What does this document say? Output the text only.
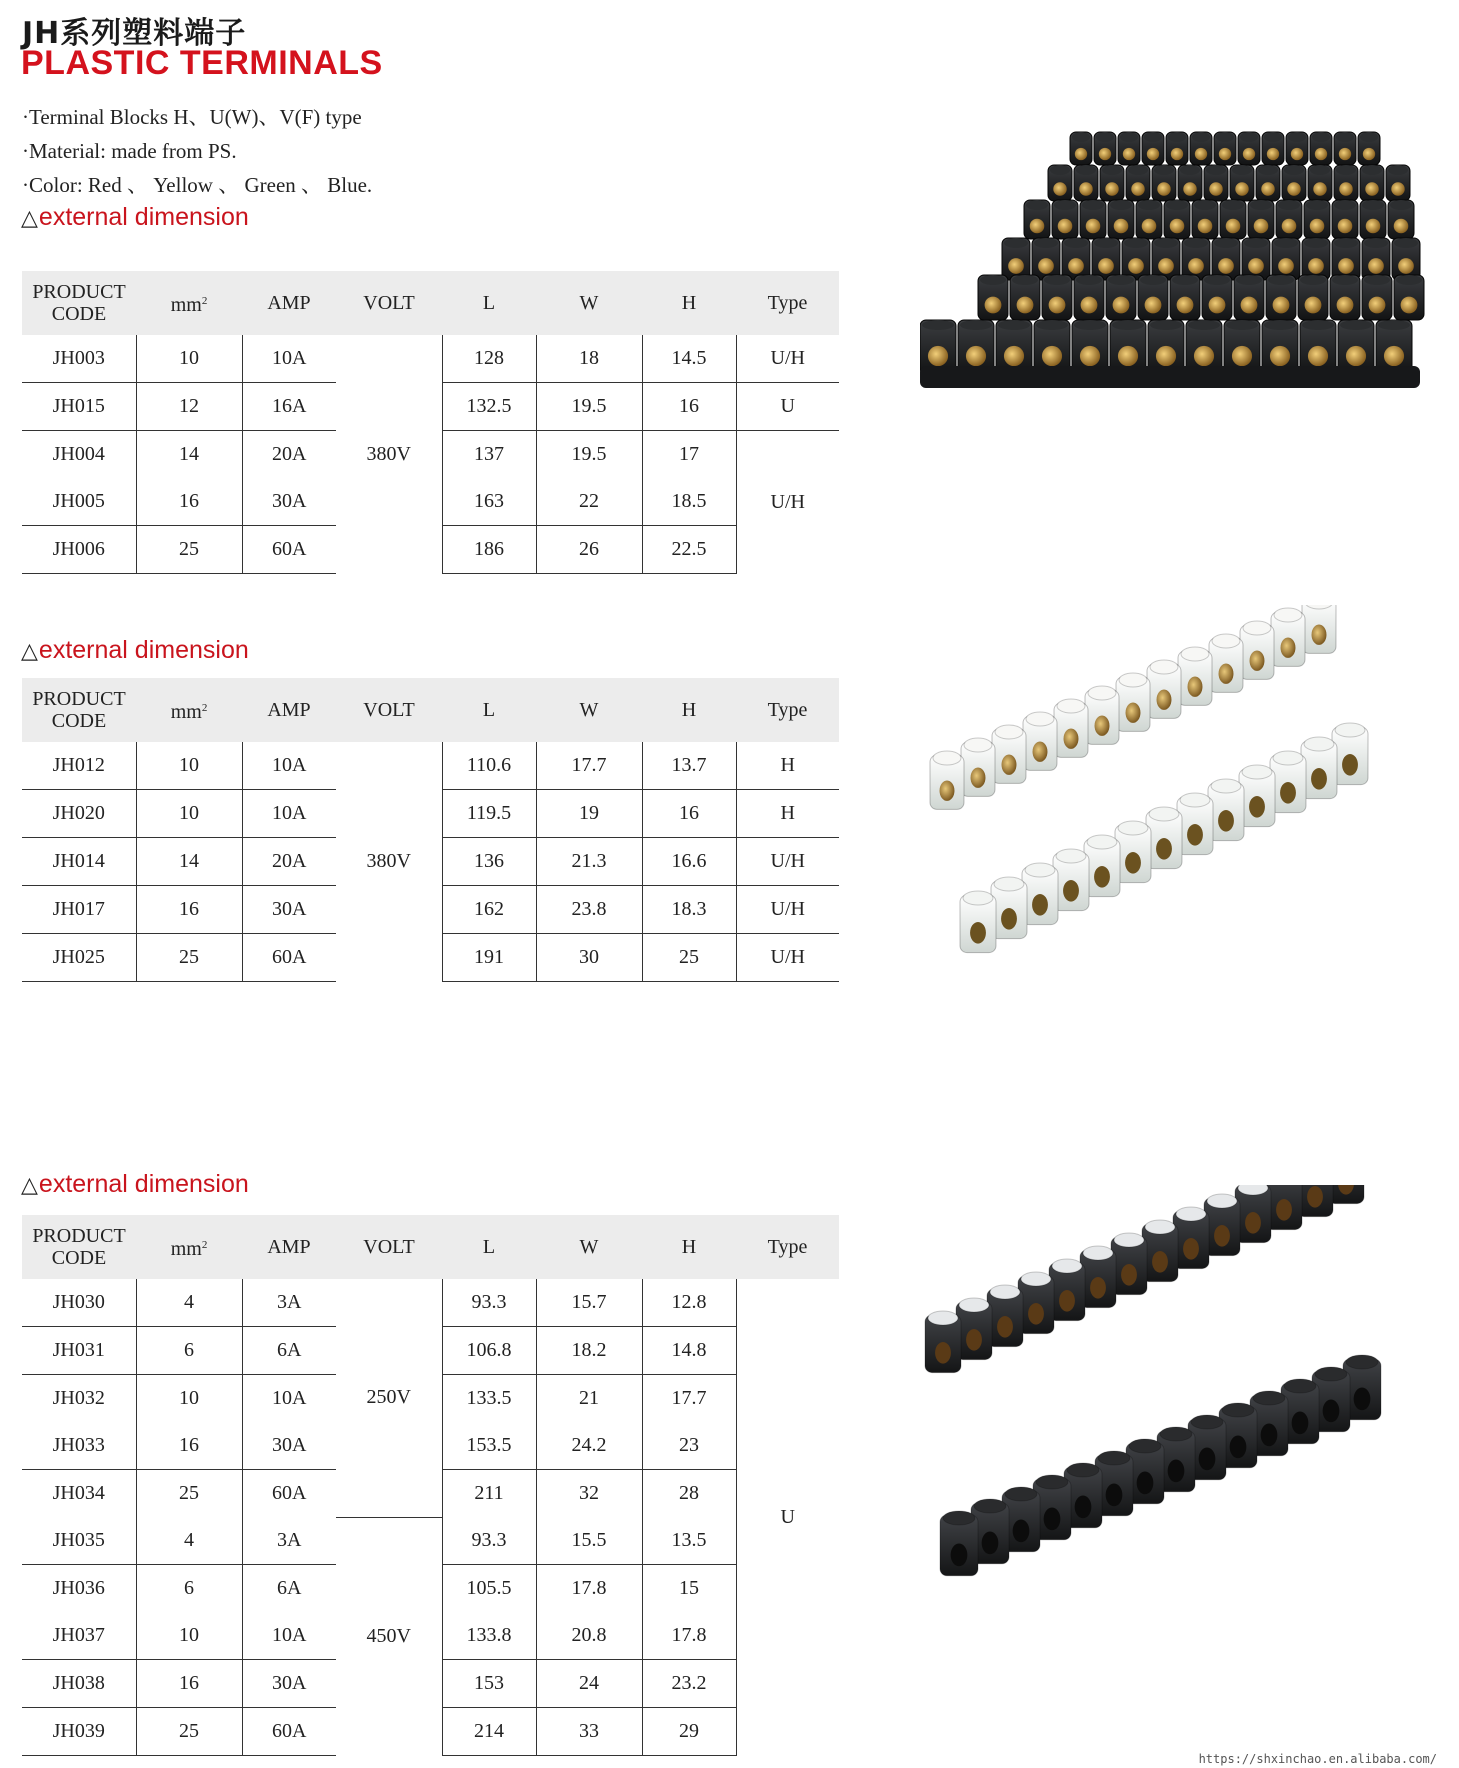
JH系列塑料端子
PLASTIC TERMINALS
·Terminal Blocks H、U(W)、V(F) type
·Material: made from PS.
·Color: Red 、 Yellow 、 Green 、 Blue.
△external dimension
PRODUCT
CODE	$mm^2$	AMP	VOLT	L	W	H	Type
JH003	10	10A	380V	128	18	14.5	U/H
JH015	12	16A		132.5	19.5	16	U
JH004	14	20A		137	19.5	17	U/H
JH005	16	30A		163	22	18.5	
JH006	25	60A		186	26	22.5	
△external dimension
PRODUCT
CODE	$mm^2$	AMP	VOLT	L	W	H	Type
JH012	10	10A	380V	110.6	17.7	13.7	H
JH020	10	10A		119.5	19	16	H
JH014	14	20A		136	21.3	16.6	U/H
JH017	16	30A		162	23.8	18.3	U/H
JH025	25	60A		191	30	25	U/H
△external dimension
PRODUCT
CODE	$mm^2$	AMP	VOLT	L	W	H	Type
JH030	4	3A	250V	93.3	15.7	12.8	U
JH031	6	6A		106.8	18.2	14.8	
JH032	10	10A		133.5	21	17.7	
JH033	16	30A		153.5	24.2	23	
JH034	25	60A		211	32	28	
JH035	4	3A	450V	93.3	15.5	13.5	
JH036	6	6A		105.5	17.8	15	
JH037	10	10A		133.8	20.8	17.8	
JH038	16	30A		153	24	23.2	
JH039	25	60A		214	33	29	
https://shxinchao.en.alibaba.com/
